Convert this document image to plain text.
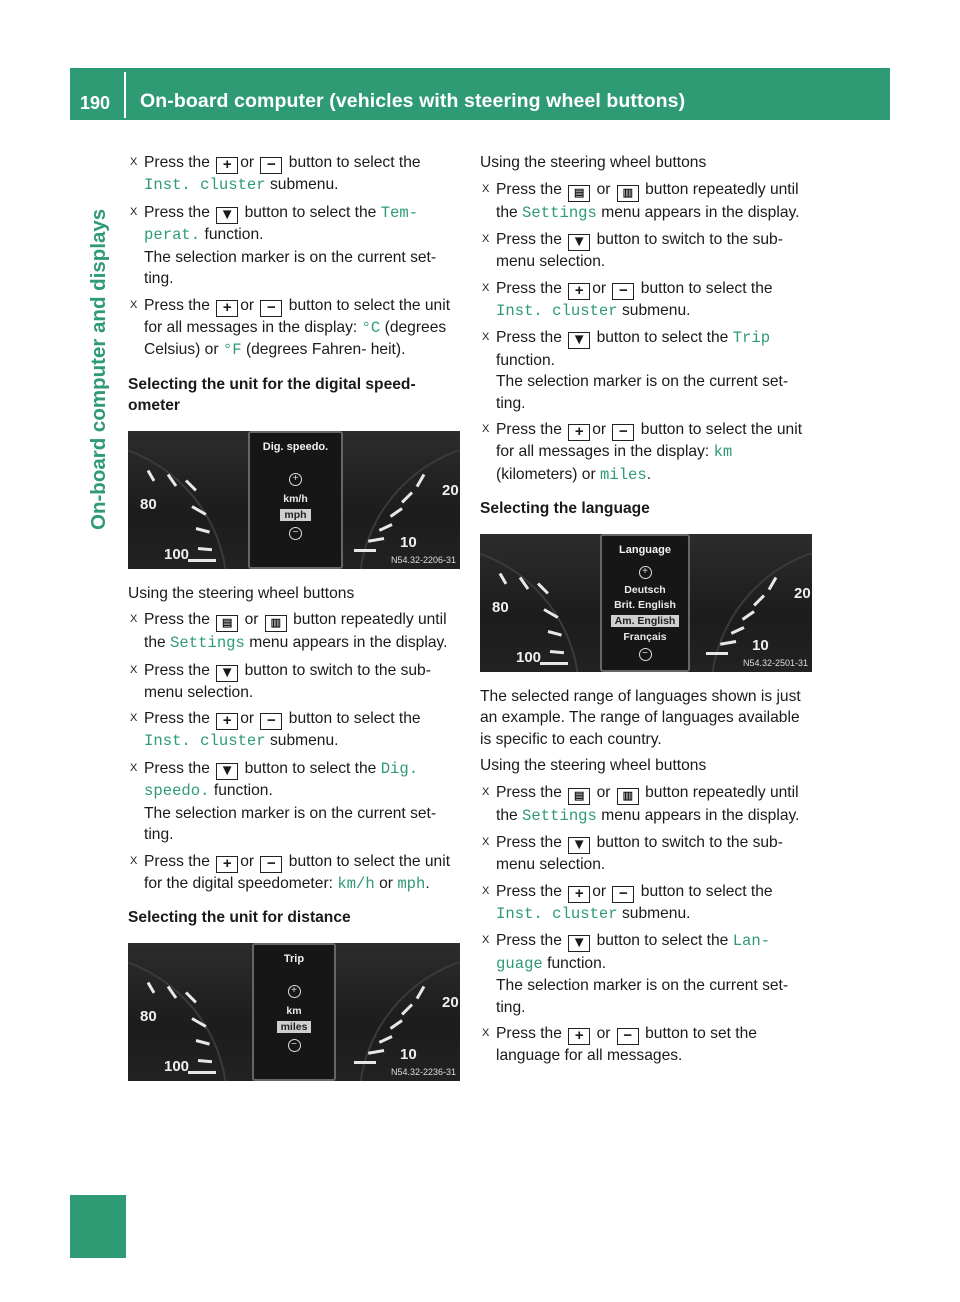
190 On-board computer (vehicles with steering wheel buttons)
On-board computer and displays
X Press the + or − button to select the Inst. cluster submenu.
X Press the ▼ button to select the Tem‐
perat. function.
The selection marker is on the current set- ting.
X Press the + or − button to select the unit for all messages in the display: °C (degrees Celsius) or °F (degrees Fahren- heit).
Selecting the unit for the digital speed- ometer
80
100
20
10
Dig. speedo.
+
km/h
mph
−
N54.32-2206-31
Using the steering wheel buttons
X Press the ▤ or ▥ button repeatedly until the Settings menu appears in the display.
X Press the ▼ button to switch to the sub- menu selection.
X Press the + or − button to select the Inst. cluster submenu.
X Press the ▼ button to select the Dig.
speedo. function.
The selection marker is on the current set- ting.
X Press the + or − button to select the unit for the digital speedometer: km/h or mph.
Selecting the unit for distance
80
100
20
10
Trip
+
km
miles
−
N54.32-2236-31
Using the steering wheel buttons
X Press the ▤ or ▥ button repeatedly until the Settings menu appears in the display.
X Press the ▼ button to switch to the sub- menu selection.
X Press the + or − button to select the Inst. cluster submenu.
X Press the ▼ button to select the Trip
function.
The selection marker is on the current set- ting.
X Press the + or − button to select the unit for all messages in the display: km
(kilometers) or miles.
Selecting the language
80
100
20
10
Language
+
Deutsch
Brit. English
Am. English
Français
−
N54.32-2501-31
The selected range of languages shown is just an example. The range of languages available is specific to each country.
Using the steering wheel buttons
X Press the ▤ or ▥ button repeatedly until the Settings menu appears in the display.
X Press the ▼ button to switch to the sub- menu selection.
X Press the + or − button to select the Inst. cluster submenu.
X Press the ▼ button to select the Lan‐
guage function.
The selection marker is on the current set- ting.
X Press the + or − button to set the language for all messages.
